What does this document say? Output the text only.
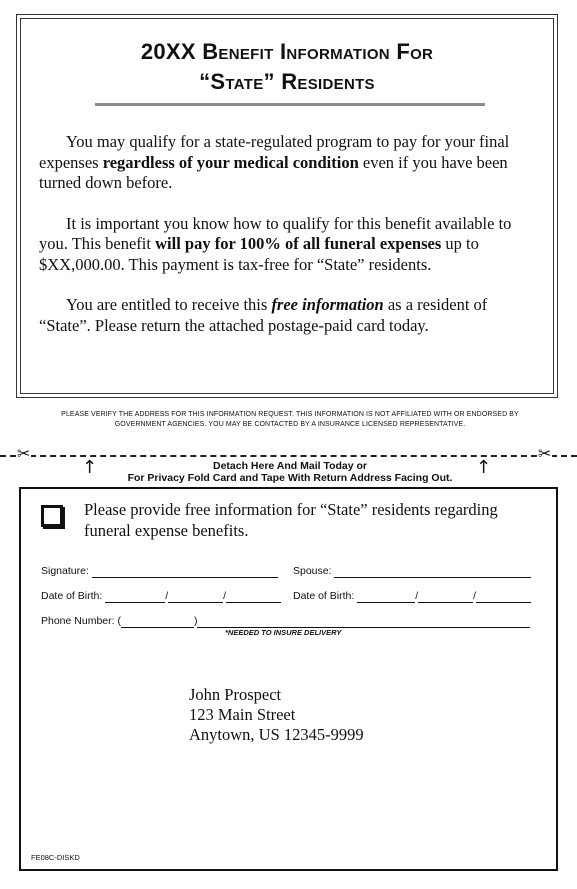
20XX Benefit Information For
“State” Residents

You may qualify for a state-regulated program to pay for your final expenses regardless of your medical condition even if you have been turned down before.

It is important you know how to qualify for this benefit available to you. This benefit will pay for 100% of all funeral expenses up to $XX,000.00. This payment is tax-free for “State” residents.

You are entitled to receive this free information as a resident of “State”. Please return the attached postage-paid card today.

PLEASE VERIFY THE ADDRESS FOR THIS INFORMATION REQUEST. THIS INFORMATION IS NOT AFFILIATED WITH OR ENDORSED BY GOVERNMENT AGENCIES. YOU MAY BE CONTACTED BY A INSURANCE LICENSED REPRESENTATIVE.
✂	✂
↑	↑
Detach Here And Mail Today or
For Privacy Fold Card and Tape With Return Address Facing Out.
Please provide free information for “State” residents regarding funeral expense benefits.
Signature:	Spouse:
Date of Birth:	/	/	Date of Birth:	/	/
Phone Number: (	)
*NEEDED TO INSURE DELIVERY
John Prospect
123 Main Street
Anytown, US 12345-9999
FE08C-DISKD
